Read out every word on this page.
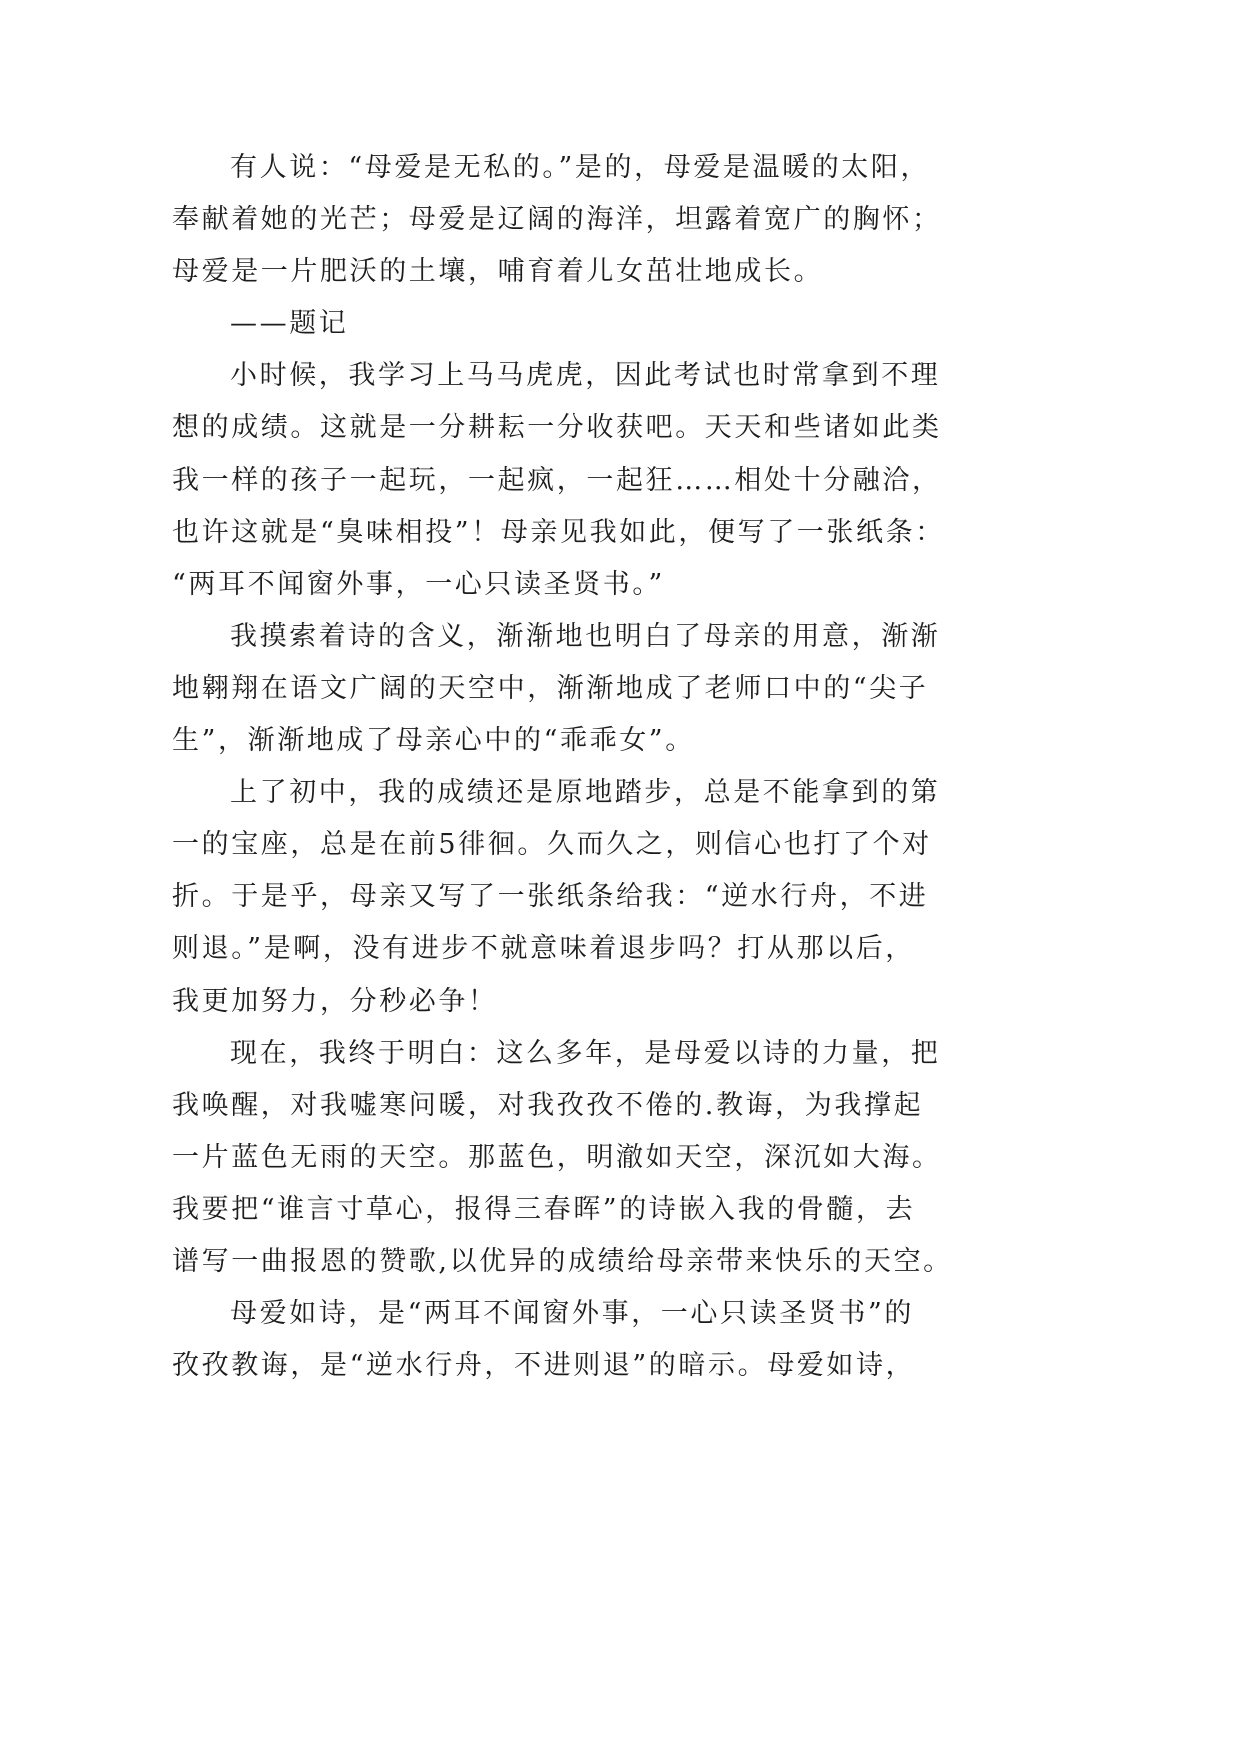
有人说：“母爱是无私的。”是的，母爱是温暖的太阳，
奉献着她的光芒；母爱是辽阔的海洋，坦露着宽广的胸怀；
母爱是一片肥沃的土壤，哺育着儿女茁壮地成长。
——题记
小时候，我学习上马马虎虎，因此考试也时常拿到不理
想的成绩。这就是一分耕耘一分收获吧。天天和些诸如此类
我一样的孩子一起玩，一起疯，一起狂……相处十分融洽，
也许这就是“臭味相投”！母亲见我如此，便写了一张纸条：
“两耳不闻窗外事，一心只读圣贤书。”
我摸索着诗的含义，渐渐地也明白了母亲的用意，渐渐
地翱翔在语文广阔的天空中，渐渐地成了老师口中的“尖子
生”，渐渐地成了母亲心中的“乖乖女”。
上了初中，我的成绩还是原地踏步，总是不能拿到的第
一的宝座，总是在前5徘徊。久而久之，则信心也打了个对
折。于是乎，母亲又写了一张纸条给我：“逆水行舟，不进
则退。”是啊，没有进步不就意味着退步吗？打从那以后，
我更加努力，分秒必争！
现在，我终于明白：这么多年，是母爱以诗的力量，把
我唤醒，对我嘘寒问暖，对我孜孜不倦的.教诲，为我撑起
一片蓝色无雨的天空。那蓝色，明澈如天空，深沉如大海。
我要把“谁言寸草心，报得三春晖”的诗嵌入我的骨髓，去
谱写一曲报恩的赞歌,以优异的成绩给母亲带来快乐的天空。
母爱如诗，是“两耳不闻窗外事，一心只读圣贤书”的
孜孜教诲，是“逆水行舟，不进则退”的暗示。母爱如诗，
